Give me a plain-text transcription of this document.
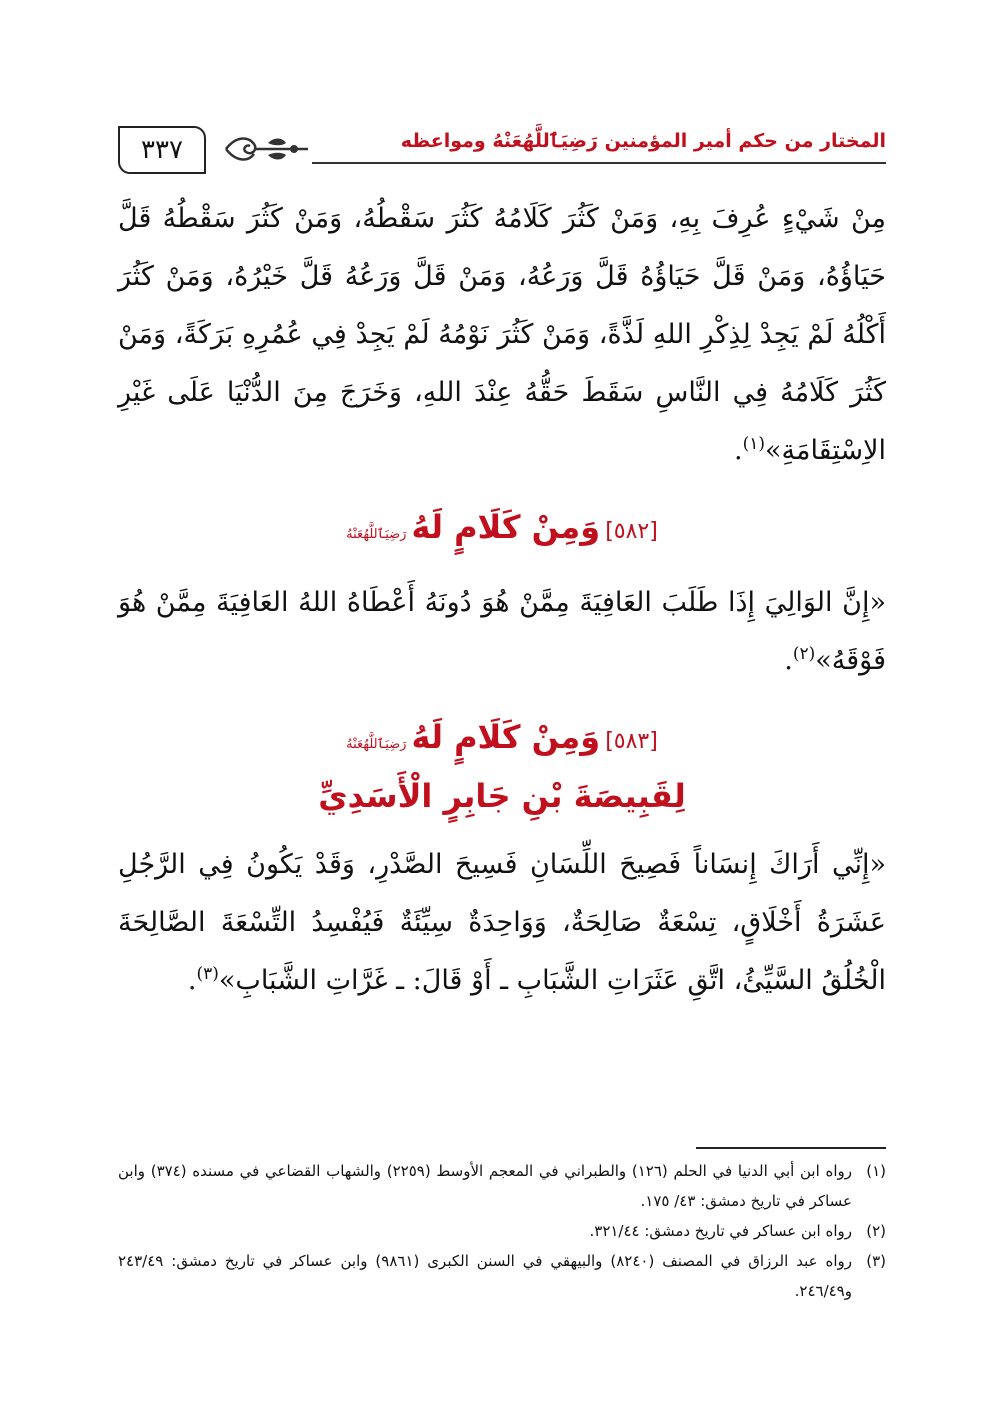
٣٣٧	المختار من حكم أمير المؤمنين رَضِيَٱللَّهُعَنْهُ ومواعظه

مِنْ شَيْءٍ عُرِفَ بِهِ، وَمَنْ كَثُرَ كَلَامُهُ كَثُرَ سَقْطُهُ، وَمَنْ كَثُرَ سَقْطُهُ قَلَّ حَيَاؤُهُ، وَمَنْ قَلَّ حَيَاؤُهُ قَلَّ وَرَعُهُ، وَمَنْ قَلَّ وَرَعُهُ قَلَّ خَيْرُهُ، وَمَنْ كَثُرَ أَكْلُهُ لَمْ يَجِدْ لِذِكْرِ اللهِ لَذَّةً، وَمَنْ كَثُرَ نَوْمُهُ لَمْ يَجِدْ فِي عُمُرِهِ بَرَكَةً، وَمَنْ كَثُرَ كَلَامُهُ فِي النَّاسِ سَقَطَ حَقُّهُ عِنْدَ اللهِ، وَخَرَجَ مِنَ الدُّنْيَا عَلَى غَيْرِ الاِسْتِقَامَةِ»$^{(١)}$.

[٥٨٢] وَمِنْ كَلَامٍ لَهُ رَضِيَٱللَّهُعَنْهُ

«إِنَّ الوَالِيَ إِذَا طَلَبَ العَافِيَةَ مِمَّنْ هُوَ دُونَهُ أَعْطَاهُ اللهُ العَافِيَةَ مِمَّنْ هُوَ فَوْقَهُ»$^{(٢)}$.

[٥٨٣] وَمِنْ كَلَامٍ لَهُ رَضِيَٱللَّهُعَنْهُ
لِقَبِيصَةَ بْنِ جَابِرٍ الْأَسَدِيِّ

«إِنِّي أَرَاكَ إِنسَاناً فَصِيحَ اللِّسَانِ فَسِيحَ الصَّدْرِ، وَقَدْ يَكُونُ فِي الرَّجُلِ عَشَرَةُ أَخْلَاقٍ، تِسْعَةٌ صَالِحَةٌ، وَوَاحِدَةٌ سِيِّئَةٌ فَيُفْسِدُ التِّسْعَةَ الصَّالِحَةَ الْخُلُقُ السَّيِّئُ، اتَّقِ عَثَرَاتِ الشَّبَابِ ـ أَوْ قَالَ: ـ غَرَّاتِ الشَّبَابِ»$^{(٣)}$.

(١)
رواه ابن أبي الدنيا في الحلم (١٢٦) والطبراني في المعجم الأوسط (٢٢٥٩) والشهاب القضاعي في مسنده (٣٧٤) وابن عساكر في تاريخ دمشق: ٤٣/ ١٧٥.
(٢)
رواه ابن عساكر في تاريخ دمشق: ٣٢١/٤٤.
(٣)
رواه عبد الرزاق في المصنف (٨٢٤٠) والبيهقي في السنن الكبرى (٩٨٦١) وابن عساكر في تاريخ دمشق: ٢٤٣/٤٩ و٢٤٦/٤٩.
